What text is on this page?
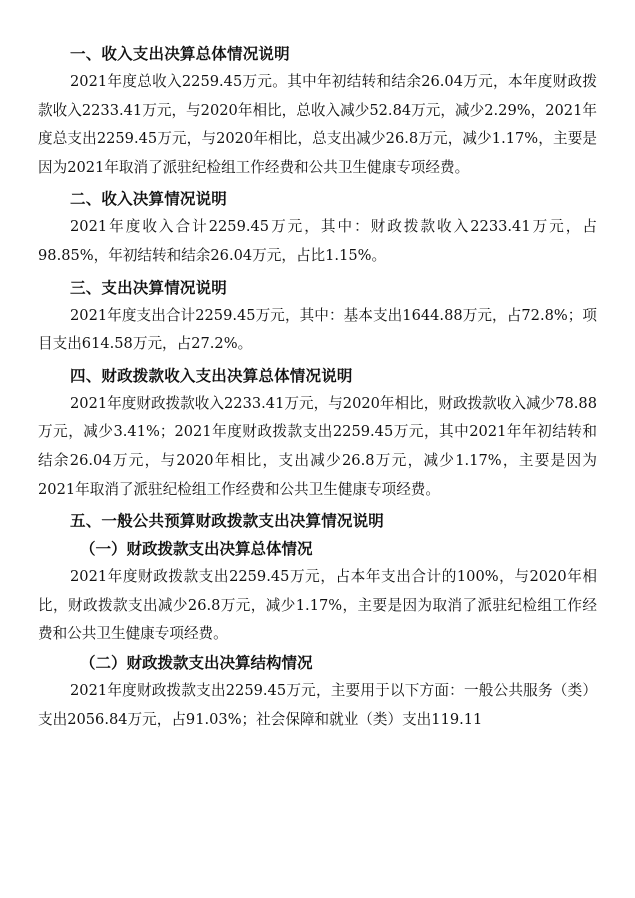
一、收入支出决算总体情况说明

2021年度总收入2259.45万元。其中年初结转和结余26.04万元，本年度财政拨款收入2233.41万元，与2020年相比，总收入减少52.84万元，减少2.29%，2021年度总支出2259.45万元，与2020年相比，总支出减少26.8万元，减少1.17%，主要是因为2021年取消了派驻纪检组工作经费和公共卫生健康专项经费。

二、收入决算情况说明

2021年度收入合计2259.45万元，其中：财政拨款收入2233.41万元，占98.85%，年初结转和结余26.04万元，占比1.15%。

三、支出决算情况说明

2021年度支出合计2259.45万元，其中：基本支出1644.88万元，占72.8%；项目支出614.58万元，占27.2%。

四、财政拨款收入支出决算总体情况说明

2021年度财政拨款收入2233.41万元，与2020年相比，财政拨款收入减少78.88万元，减少3.41%；2021年度财政拨款支出2259.45万元，其中2021年年初结转和结余26.04万元，与2020年相比，支出减少26.8万元，减少1.17%，主要是因为2021年取消了派驻纪检组工作经费和公共卫生健康专项经费。

五、一般公共预算财政拨款支出决算情况说明
（一）财政拨款支出决算总体情况

2021年度财政拨款支出2259.45万元，占本年支出合计的100%，与2020年相比，财政拨款支出减少26.8万元，减少1.17%，主要是因为取消了派驻纪检组工作经费和公共卫生健康专项经费。

（二）财政拨款支出决算结构情况

2021年度财政拨款支出2259.45万元，主要用于以下方面：一般公共服务（类）支出2056.84万元，占91.03%；社会保障和就业（类）支出119.11
